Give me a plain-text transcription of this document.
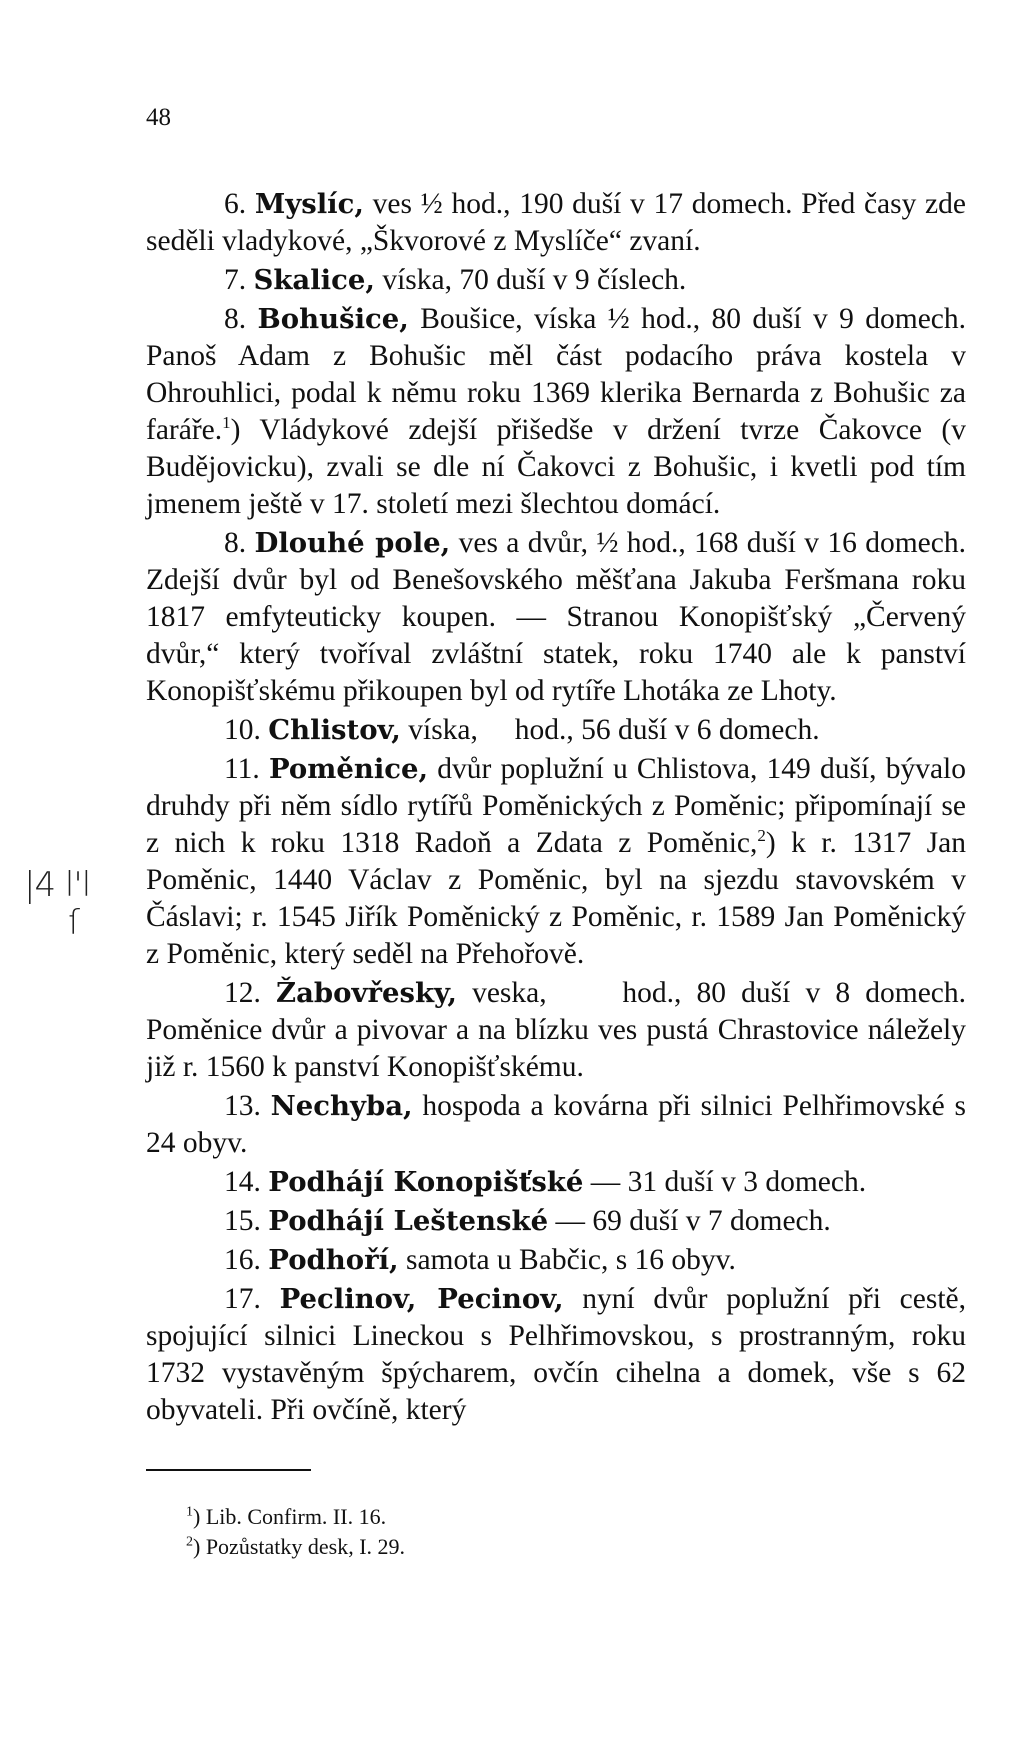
48
|4 l'l
ſ

6. Myslíc, ves ½ hod., 190 duší v 17 domech. Před časy zde seděli vladykové, „Škvorové z Myslíče“ zvaní.

7. Skalice, víska, 70 duší v 9 číslech.

8. Bohušice, Boušice, víska ½ hod., 80 duší v 9 domech. Panoš Adam z Bohušic měl část podacího práva kostela v Ohrouhlici, podal k němu roku 1369 klerika Bernarda z Bohušic za faráře.$^1$) Vládykové zdejší přišedše v držení tvrze Čakovce (v Budějovicku), zvali se dle ní Čakovci z Bohušic, i kvetli pod tím jmenem ještě v 17. století mezi šlechtou domácí.

8. Dlouhé pole, ves a dvůr, ½ hod., 168 duší v 16 domech. Zdejší dvůr byl od Benešovského měšťana Jakuba Feršmana roku 1817 emfyteuticky koupen. — Stranou Konopišťský „Červený dvůr,“ který tvoříval zvláštní statek, roku 1740 ale k panství Konopišťskému přikoupen byl od rytíře Lhotáka ze Lhoty.

10. Chlistov, víska,     hod., 56 duší v 6 domech.

11. Poměnice, dvůr poplužní u Chlistova, 149 duší, bývalo druhdy při něm sídlo rytířů Poměnických z Poměnic; připomínají se z nich k roku 1318 Radoň a Zdata z Poměnic,$^2$) k r. 1317 Jan Poměnic, 1440 Václav z Poměnic, byl na sjezdu stavovském v Čáslavi; r. 1545 Jiřík Poměnický z Poměnic, r. 1589 Jan Poměnický z Poměnic, který seděl na Přehořově.

12. Žabovřesky, veska,     hod., 80 duší v 8 domech. Poměnice dvůr a pivovar a na blízku ves pustá Chrastovice náležely již r. 1560 k panství Konopišťskému.

13. Nechyba, hospoda a kovárna při silnici Pelhřimovské s 24 obyv.

14. Podhájí Konopišťské — 31 duší v 3 domech.

15. Podhájí Leštenské — 69 duší v 7 domech.

16. Podhoří, samota u Babčic, s 16 obyv.

17. Peclinov, Pecinov, nyní dvůr poplužní při cestě, spojující silnici Lineckou s Pelhřimovskou, s prostranným, roku 1732 vystavěným špýcharem, ovčín cihelna a domek, vše s 62 obyvateli. Při ovčíně, který

$^1$) Lib. Confirm. II. 16.
$^2$) Pozůstatky desk, I. 29.
